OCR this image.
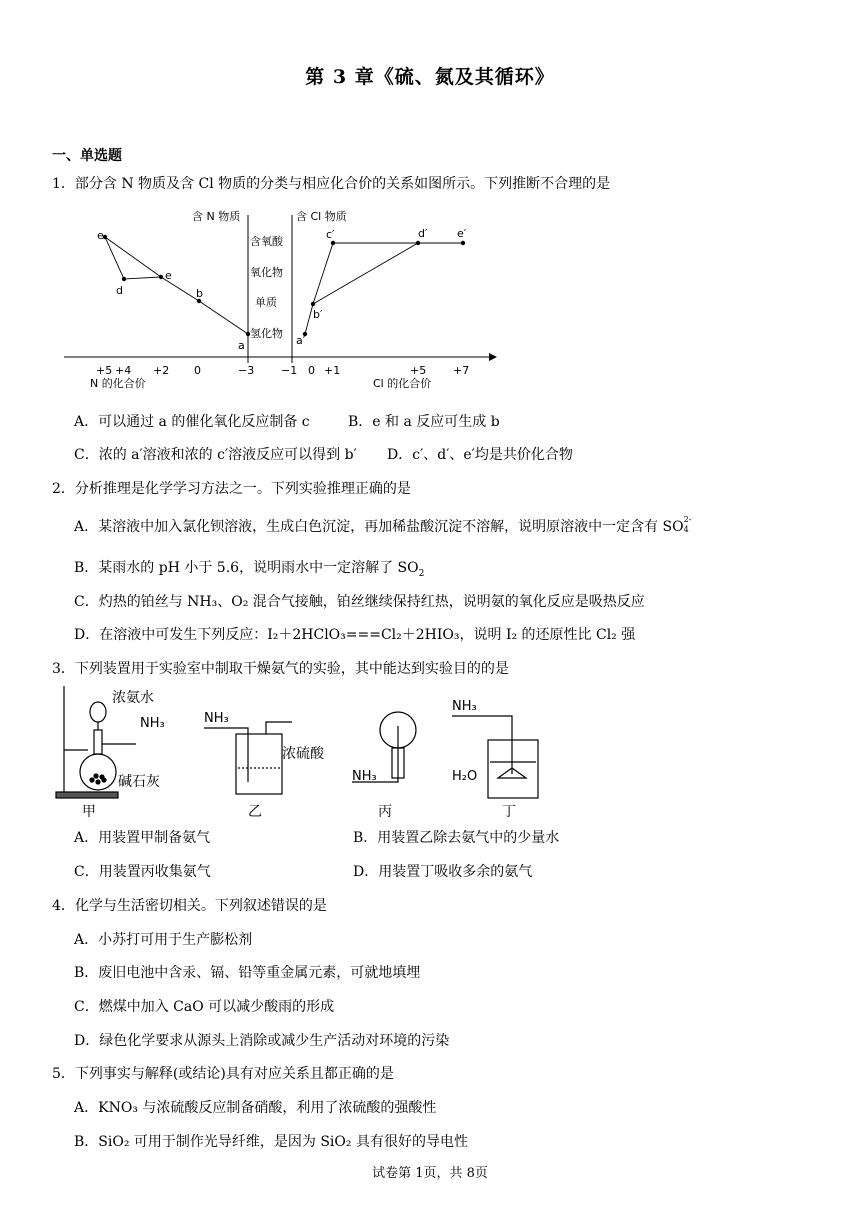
第 3 章《硫、氮及其循环》
一、单选题
1．部分含 N 物质及含 Cl 物质的分类与相应化合价的关系如图所示。下列推断不合理的是
含 N 物质	含 Cl 物质
含氧酸
氧化物
单质
氢化物
e
d
e
b
a	a′
b′
c′	d′	e′
+5 +4 +2 0	−3
N 的化合价
−1 0 +1	+5 +7
Cl 的化合价
A．可以通过 a 的催化氧化反应制备 c	B．e 和 a 反应可生成 b
C．浓的 a′溶液和浓的 c′溶液反应可以得到 b′ D．c′、d′、e′均是共价化合物
2．分析推理是化学学习方法之一。下列实验推理正确的是
A．某溶液中加入氯化钡溶液，生成白色沉淀，再加稀盐酸沉淀不溶解，说明原溶液中一定含有 SO 2-
4
B．某雨水的 pH 小于 5.6，说明雨水中一定溶解了 $SO_2$
C．灼热的铂丝与 NH₃、O₂ 混合气接触，铂丝继续保持红热，说明氨的氧化反应是吸热反应
D．在溶液中可发生下列反应：I₂＋2HClO₃===Cl₂＋2HIO₃，说明 I₂ 的还原性比 Cl₂ 强
3．下列装置用于实验室中制取干燥氨气的实验，其中能达到实验目的的是
浓氨水
NH₃
碱石灰
甲
NH₃
浓硫酸
乙
NH₃
丙
NH₃
H₂O
丁
A．用装置甲制备氨气	B．用装置乙除去氨气中的少量水
C．用装置丙收集氨气	D．用装置丁吸收多余的氨气
4．化学与生活密切相关。下列叙述错误的是
A．小苏打可用于生产膨松剂
B．废旧电池中含汞、镉、铅等重金属元素，可就地填埋
C．燃煤中加入 CaO 可以减少酸雨的形成
D．绿色化学要求从源头上消除或减少生产活动对环境的污染
5．下列事实与解释(或结论)具有对应关系且都正确的是
A．KNO₃ 与浓硫酸反应制备硝酸，利用了浓硫酸的强酸性
B．SiO₂ 可用于制作光导纤维，是因为 SiO₂ 具有很好的导电性
试卷第 1页，共 8页
